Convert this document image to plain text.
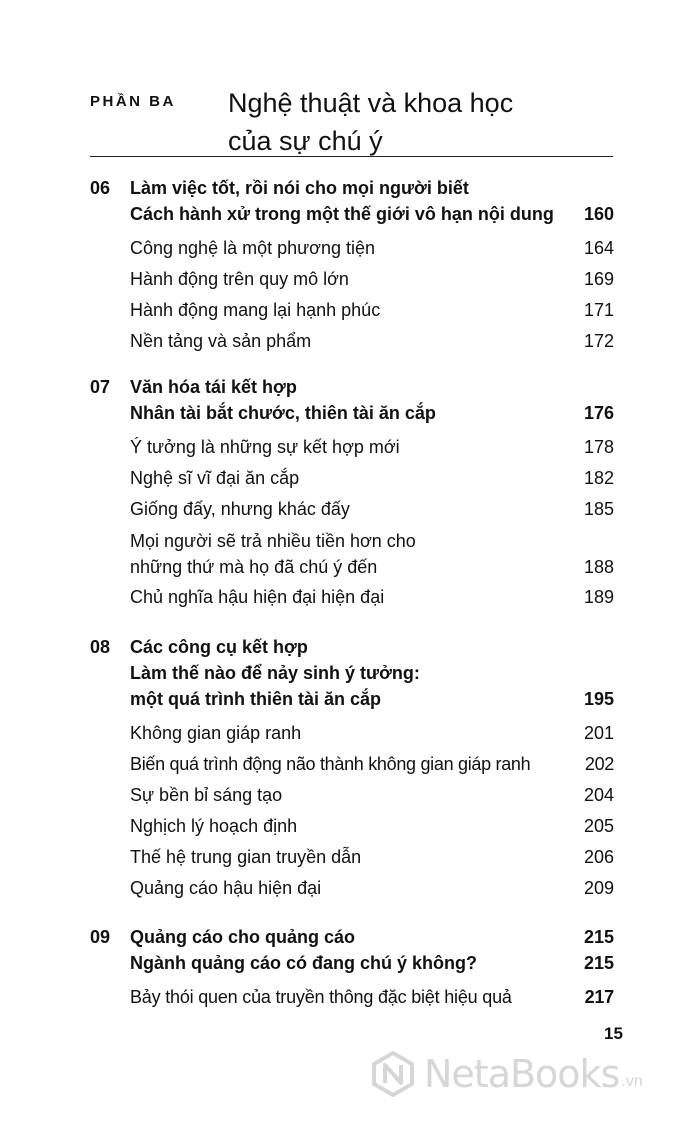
PHẦN BA Nghệ thuật và khoa học
của sự chú ý
06 Làm việc tốt, rồi nói cho mọi người biết
Cách hành xử trong một thế giới vô hạn nội dung 160
Công nghệ là một phương tiện	164
Hành động trên quy mô lớn	169
Hành động mang lại hạnh phúc	171
Nền tảng và sản phẩm	172
07 Văn hóa tái kết hợp
Nhân tài bắt chước, thiên tài ăn cắp	176
Ý tưởng là những sự kết hợp mới	178
Nghệ sĩ vĩ đại ăn cắp	182
Giống đấy, nhưng khác đấy	185
Mọi người sẽ trả nhiều tiền hơn cho
những thứ mà họ đã chú ý đến	188
Chủ nghĩa hậu hiện đại hiện đại	189
08 Các công cụ kết hợp
Làm thế nào để nảy sinh ý tưởng:
một quá trình thiên tài ăn cắp	195
Không gian giáp ranh	201
Biến quá trình động não thành không gian giáp ranh	202
Sự bền bỉ sáng tạo	204
Nghịch lý hoạch định	205
Thế hệ trung gian truyền dẫn	206
Quảng cáo hậu hiện đại	209
09 Quảng cáo cho quảng cáo	215
Ngành quảng cáo có đang chú ý không?	215
Bảy thói quen của truyền thông đặc biệt hiệu quả	217
15
NetaBooks .vn
